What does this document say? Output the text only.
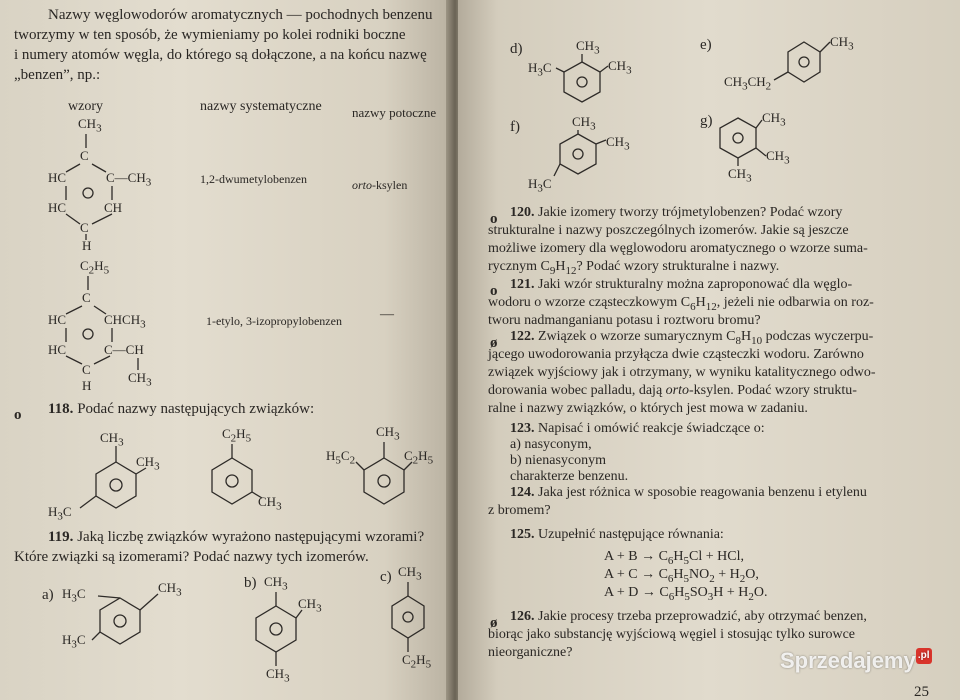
Nazwy węglowodorów aromatycznych — pochodnych benzenu
tworzymy w ten sposób, że wymieniamy po kolei rodniki boczne
i numery atomów węgla, do którego są dołączone, a na końcu nazwę
„benzen”, np.:
wzory	nazwy systematyczne nazwy potoczne
$CH_3$
C
HC	$C—CH_3$
HC	CH
C
H
1,2-dwumetylobenzen	orto-ksylen
$C_2H_5$
C
HC	$CHCH_3$
HC	C—CH
C
H
$CH_3$
1-etylo, 3-izopropylobenzen	—
o 118. Podać nazwy następujących związków:
$CH_3$
$CH_3$
$H_3C$
$C_2H_5$
$CH_3$
$CH_3$
$H_5C_2$	$C_2H_5$
119. Jaką liczbę związków wyrażono następującymi wzorami?
Które związki są izomerami? Podać nazwy tych izomerów.
a) $H_3C$	$CH_3$
$H_3C$
b) $CH_3$
$CH_3$
$CH_3$
c) $CH_3$
$C_2H_5$
d)	$CH_3$
$H_3C$	$CH_3$
e)	$CH_3$
$CH_3CH_2$
f)	$CH_3$
$CH_3$
$H_3C$
g)	$CH_3$
$CH_3$
$CH_3$
o 120. Jakie izomery tworzy trójmetylobenzen? Podać wzory
strukturalne i nazwy poszczególnych izomerów. Jakie są jeszcze
możliwe izomery dla węglowodoru aromatycznego o wzorze suma-
rycznym $C_9H_{12}$? Podać wzory strukturalne i nazwy.
o 121. Jaki wzór strukturalny można zaproponować dla węglo-
wodoru o wzorze cząsteczkowym $C_6H_{12}$, jeżeli nie odbarwia on roz-
tworu nadmanganianu potasu i roztworu bromu?
ø 122. Związek o wzorze sumarycznym $C_8H_{10}$ podczas wyczerpu-
jącego uwodorowania przyłącza dwie cząsteczki wodoru. Zarówno
związek wyjściowy jak i otrzymany, w wyniku katalitycznego odwo-
dorowania wobec palladu, dają orto-ksylen. Podać wzory struktu-
ralne i nazwy związków, o których jest mowa w zadaniu.
123. Napisać i omówić reakcje świadczące o:
a) nasyconym,
b) nienasyconym
charakterze benzenu.
124. Jaka jest różnica w sposobie reagowania benzenu i etylenu
z bromem?
125. Uzupełnić następujące równania:
$A + B \to C_6H_5Cl$ + HCl,
$A + C \to C_6H_5NO_2 + H_2O$,
$A + D \to C_6H_5SO_3H + H_2O$.
ø 126. Jakie procesy trzeba przeprowadzić, aby otrzymać benzen,
biorąc jako substancję wyjściową węgiel i stosując tylko surowce
nieorganiczne?
25
Sprzedajemy .pl
